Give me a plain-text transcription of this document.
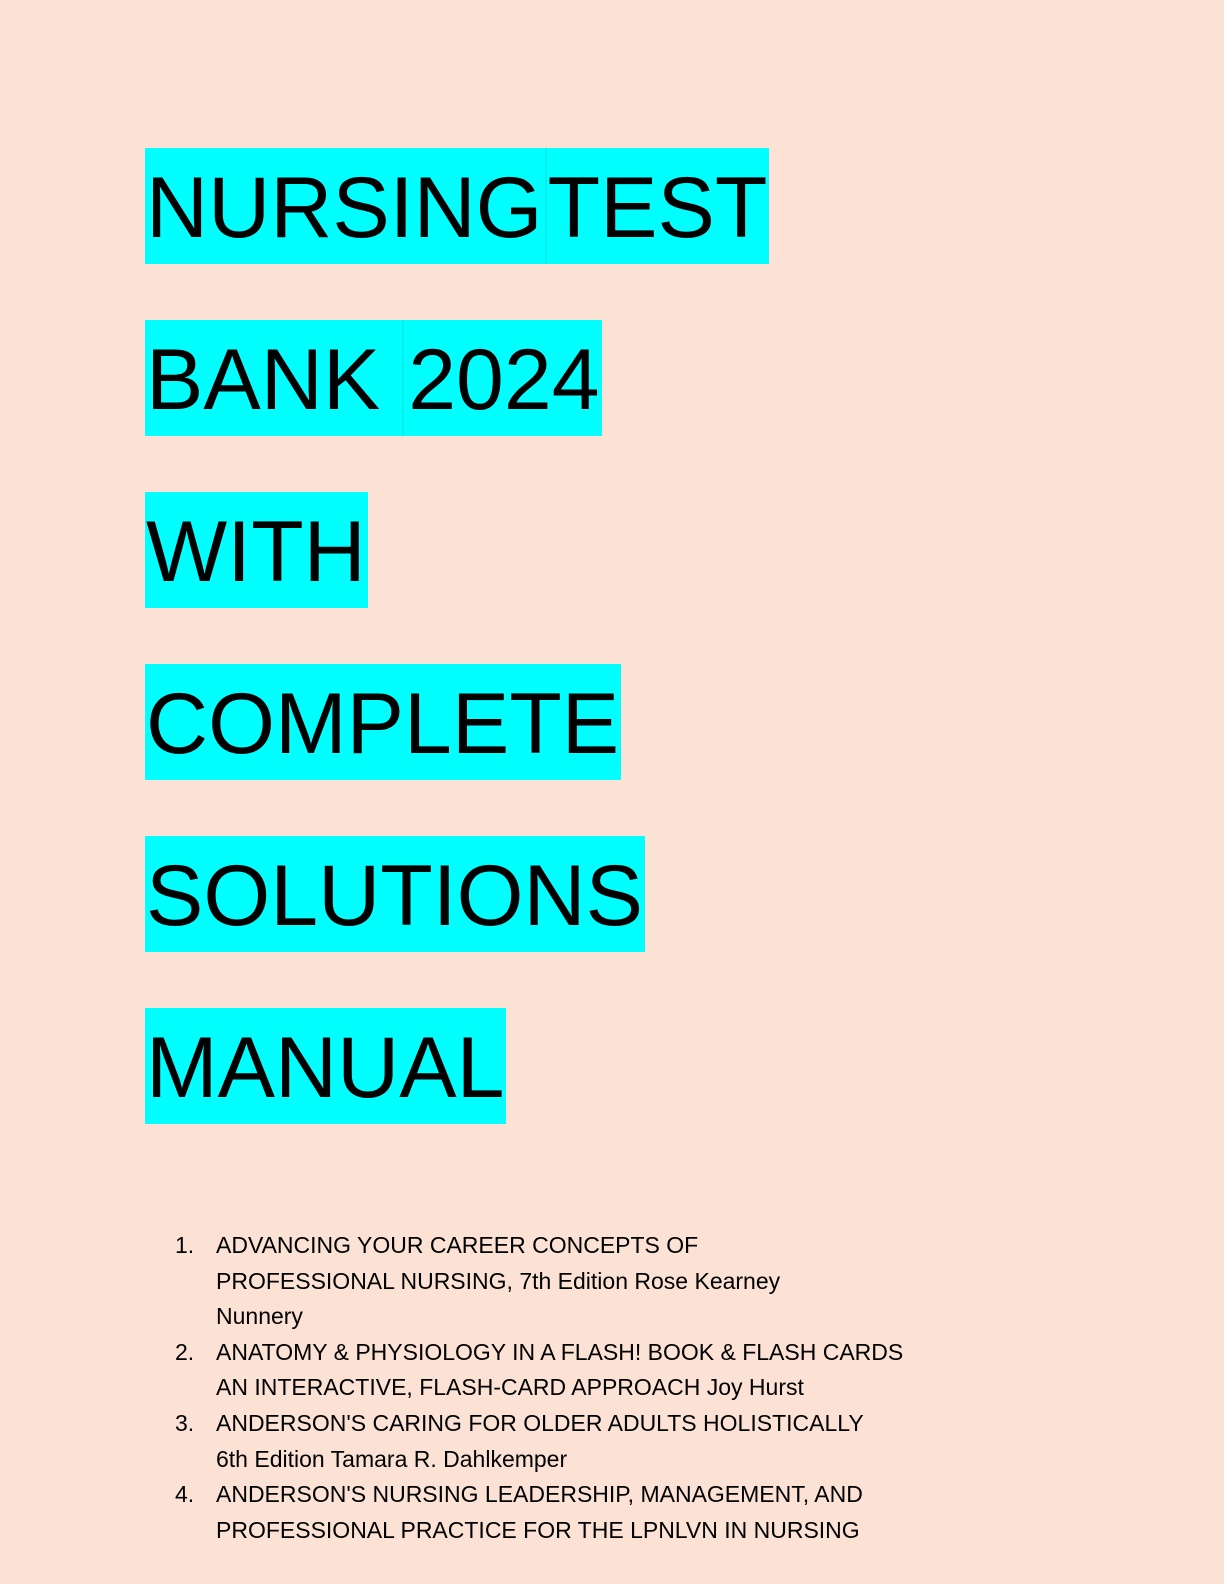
NURSINGTEST
BANK 2024
WITH
COMPLETE
SOLUTIONS
MANUAL
1. ADVANCING YOUR CAREER CONCEPTS OF PROFESSIONAL NURSING, 7th Edition Rose Kearney Nunnery
2. ANATOMY & PHYSIOLOGY IN A FLASH! BOOK & FLASH CARDS AN INTERACTIVE, FLASH-CARD APPROACH Joy Hurst
3. ANDERSON'S CARING FOR OLDER ADULTS HOLISTICALLY 6th Edition Tamara R. Dahlkemper
4. ANDERSON'S NURSING LEADERSHIP, MANAGEMENT, AND PROFESSIONAL PRACTICE FOR THE LPNLVN IN NURSING
